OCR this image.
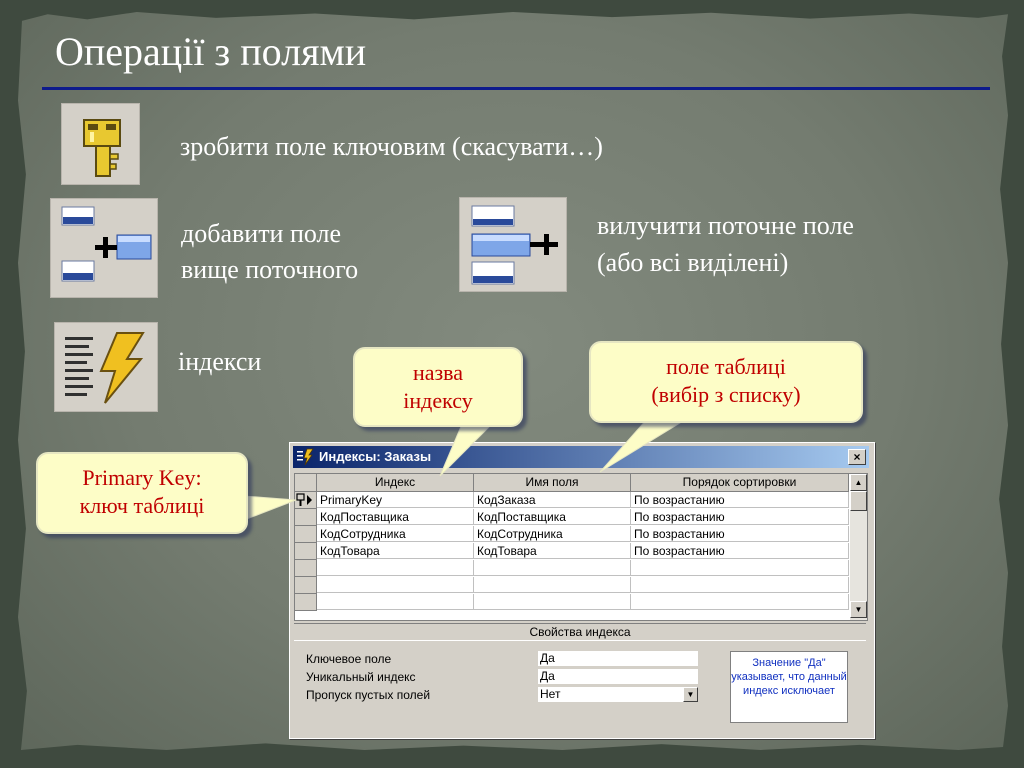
Операції з полями
зробити поле ключовим (скасувати…)
добавити поле
вище поточного
вилучити поточне поле
(або всі виділені)
індекси
Индексы: Заказы	×
Индекс	Имя поля	Порядок сортировки
PrimaryKey	КодЗаказа	По возрастанию
КодПоставщика	КодПоставщика	По возрастанию
КодСотрудника	КодСотрудника	По возрастанию
КодТовара	КодТовара	По возрастанию
▲
▼
Свойства индекса
Ключевое поле	Да
Уникальный индекс	Да
Пропуск пустых полей	Нет	▼
Значение "Да" указывает, что данный индекс исключает
назва
індексу
поле таблиці
(вибір з списку)
Primary Key:
ключ таблиці
